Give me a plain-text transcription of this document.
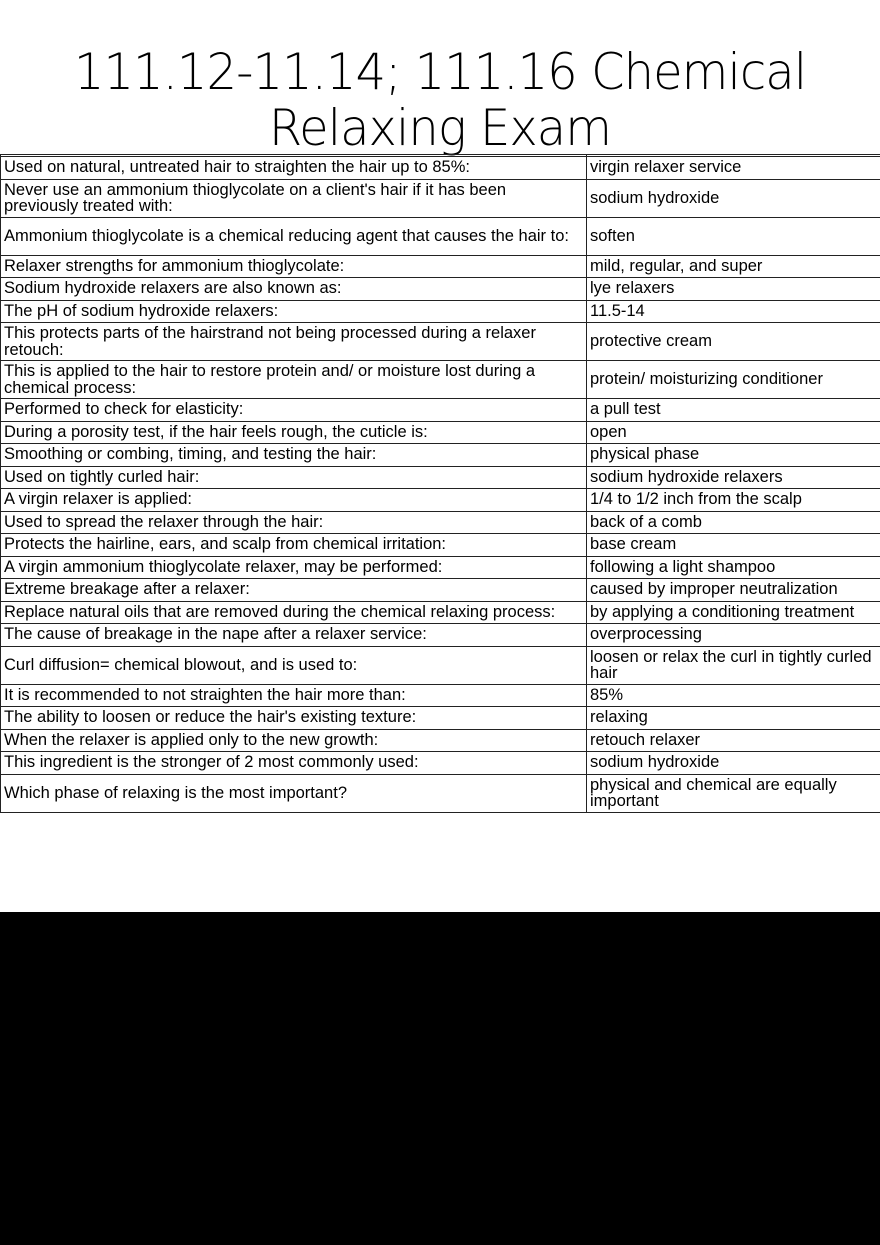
111.12-11.14; 111.16 Chemical
Relaxing Exam

Used on natural, untreated hair to straighten the hair up to 85%:	virgin relaxer service
Never use an ammonium thioglycolate on a client's hair if it has been previously treated with:	sodium hydroxide
Ammonium thioglycolate is a chemical reducing agent that causes the hair to:	soften
Relaxer strengths for ammonium thioglycolate:	mild, regular, and super
Sodium hydroxide relaxers are also known as:	lye relaxers
The pH of sodium hydroxide relaxers:	11.5-14
This protects parts of the hairstrand not being processed during a relaxer retouch:	protective cream
This is applied to the hair to restore protein and/ or moisture lost during a chemical process:	protein/ moisturizing conditioner
Performed to check for elasticity:	a pull test
During a porosity test, if the hair feels rough, the cuticle is:	open
Smoothing or combing, timing, and testing the hair:	physical phase
Used on tightly curled hair:	sodium hydroxide relaxers
A virgin relaxer is applied:	1/4 to 1/2 inch from the scalp
Used to spread the relaxer through the hair:	back of a comb
Protects the hairline, ears, and scalp from chemical irritation:	base cream
A virgin ammonium thioglycolate relaxer, may be performed:	following a light shampoo
Extreme breakage after a relaxer:	caused by improper neutralization
Replace natural oils that are removed during the chemical relaxing process:	by applying a conditioning treatment
The cause of breakage in the nape after a relaxer service:	overprocessing
Curl diffusion= chemical blowout, and is used to:	loosen or relax the curl in tightly curled hair
It is recommended to not straighten the hair more than:	85%
The ability to loosen or reduce the hair's existing texture:	relaxing
When the relaxer is applied only to the new growth:	retouch relaxer
This ingredient is the stronger of 2 most commonly used:	sodium hydroxide
Which phase of relaxing is the most important?	physical and chemical are equally important
